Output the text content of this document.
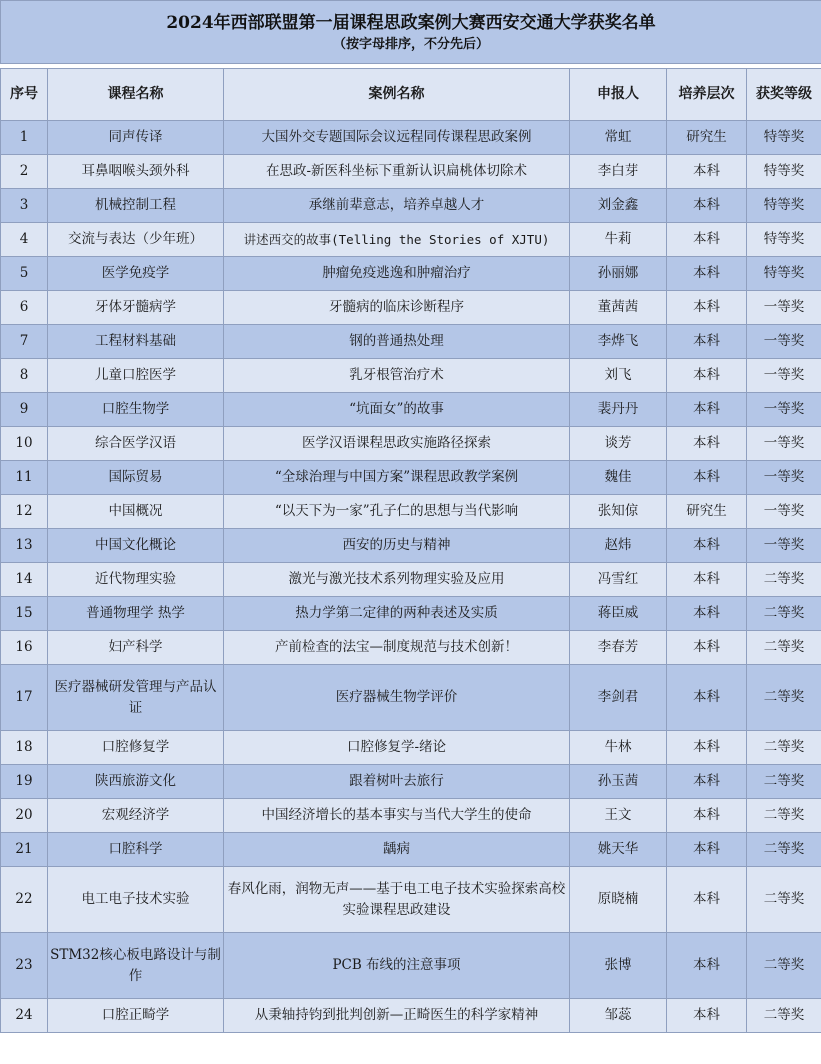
2024年西部联盟第一届课程思政案例大赛西安交通大学获奖名单
（按字母排序，不分先后）					

序号	课程名称	案例名称	申报人	培养层次	获奖等级
1	同声传译	大国外交专题国际会议远程同传课程思政案例	常虹	研究生	特等奖
2	耳鼻咽喉头颈外科	在思政-新医科坐标下重新认识扁桃体切除术	李白芽	本科	特等奖
3	机械控制工程	承继前辈意志，培养卓越人才	刘金鑫	本科	特等奖
4	交流与表达（少年班）	讲述西交的故事(Telling the Stories of XJTU)	牛莉	本科	特等奖
5	医学免疫学	肿瘤免疫逃逸和肿瘤治疗	孙丽娜	本科	特等奖
6	牙体牙髓病学	牙髓病的临床诊断程序	董茜茜	本科	一等奖
7	工程材料基础	钢的普通热处理	李烨飞	本科	一等奖
8	儿童口腔医学	乳牙根管治疗术	刘飞	本科	一等奖
9	口腔生物学	“坑面女”的故事	裴丹丹	本科	一等奖
10	综合医学汉语	医学汉语课程思政实施路径探索	谈芳	本科	一等奖
11	国际贸易	“全球治理与中国方案”课程思政教学案例	魏佳	本科	一等奖
12	中国概况	“以天下为一家”孔子仁的思想与当代影响	张知倞	研究生	一等奖
13	中国文化概论	西安的历史与精神	赵炜	本科	一等奖
14	近代物理实验	激光与激光技术系列物理实验及应用	冯雪红	本科	二等奖
15	普通物理学 热学	热力学第二定律的两种表述及实质	蒋臣威	本科	二等奖
16	妇产科学	产前检查的法宝—制度规范与技术创新！	李春芳	本科	二等奖
17	医疗器械研发管理与产品认证	医疗器械生物学评价	李剑君	本科	二等奖
18	口腔修复学	口腔修复学-绪论	牛林	本科	二等奖
19	陕西旅游文化	跟着树叶去旅行	孙玉茜	本科	二等奖
20	宏观经济学	中国经济增长的基本事实与当代大学生的使命	王文	本科	二等奖
21	口腔科学	龋病	姚天华	本科	二等奖
22	电工电子技术实验	春风化雨，润物无声——基于电工电子技术实验探索高校实验课程思政建设	原晓楠	本科	二等奖
23	STM32核心板电路设计与制作	PCB 布线的注意事项	张博	本科	二等奖
24	口腔正畸学	从秉轴持钧到批判创新—正畸医生的科学家精神	邹蕊	本科	二等奖
